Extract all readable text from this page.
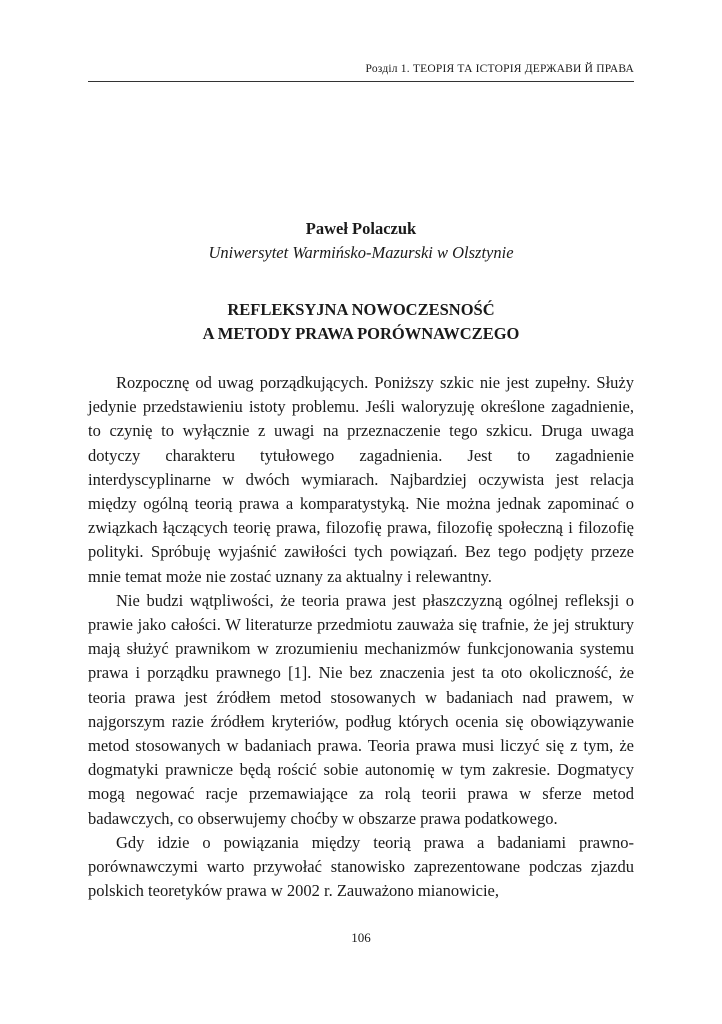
Розділ 1. ТЕОРІЯ ТА ІСТОРІЯ ДЕРЖАВИ Й ПРАВА
Paweł Polaczuk
Uniwersytet Warmińsko-Mazurski w Olsztynie
REFLEKSYJNA NOWOCZESNOŚĆ
A METODY PRAWA PORÓWNAWCZEGO

Rozpocznę od uwag porządkujących. Poniższy szkic nie jest zupełny. Służy jedynie przedstawieniu istoty problemu. Jeśli waloryzuję określone zagadnienie, to czynię to wyłącznie z uwagi na przeznaczenie tego szkicu. Druga uwaga dotyczy charakteru tytułowego zagadnienia. Jest to zagadnienie interdyscyplinarne w dwóch wymiarach. Najbardziej oczywista jest relacja między ogólną teorią prawa a komparatystyką. Nie można jednak zapominać o związkach łączących teorię prawa, filozofię prawa, filozofię społeczną i filozofię polityki. Spróbuję wyjaśnić zawiłości tych powiązań. Bez tego podjęty przeze mnie temat może nie zostać uznany za aktualny i relewantny.

Nie budzi wątpliwości, że teoria prawa jest płaszczyzną ogólnej refleksji o prawie jako całości. W literaturze przedmiotu zauważa się trafnie, że jej struktury mają służyć prawnikom w zrozumieniu mechanizmów funkcjonowania systemu prawa i porządku prawnego [1]. Nie bez znaczenia jest ta oto okoliczność, że teoria prawa jest źródłem metod stosowanych w badaniach nad prawem, w najgorszym razie źródłem kryteriów, podług których ocenia się obowiązywanie metod stosowanych w badaniach prawa. Teoria prawa musi liczyć się z tym, że dogmatyki prawnicze będą rościć sobie autonomię w tym zakresie. Dogmatycy mogą negować racje przemawiające za rolą teorii prawa w sferze metod badawczych, co obserwujemy choćby w obszarze prawa podatkowego.

Gdy idzie o powiązania między teorią prawa a badaniami prawno-porównawczymi warto przywołać stanowisko zaprezentowane podczas zjazdu polskich teoretyków prawa w 2002 r. Zauważono mianowicie,

106
